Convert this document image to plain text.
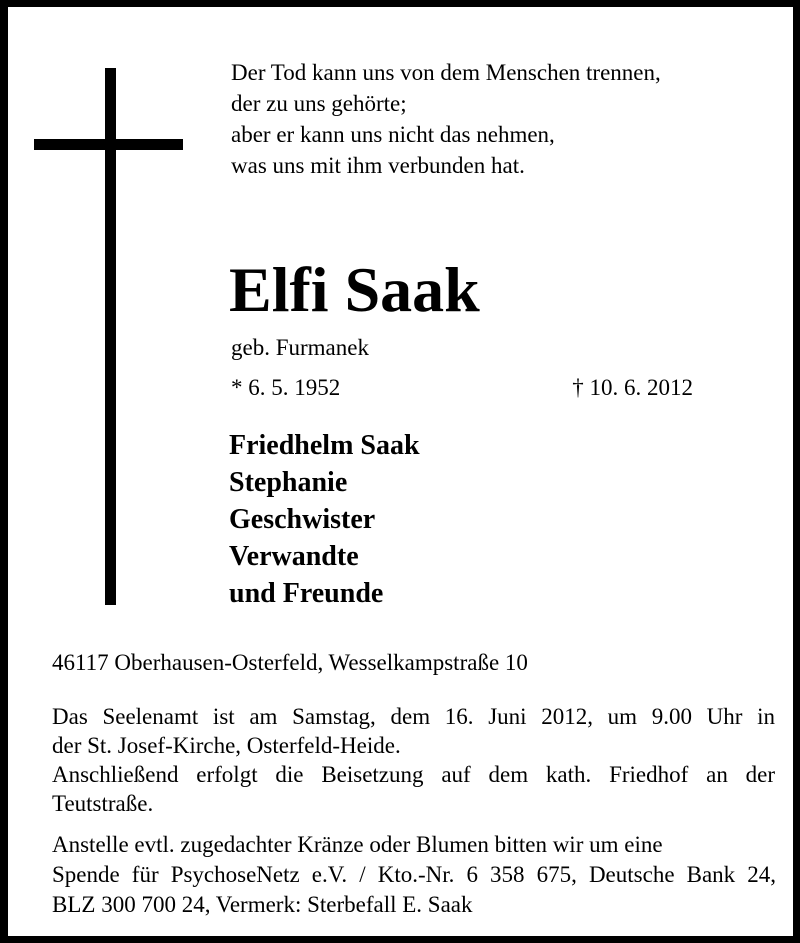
Der Tod kann uns von dem Menschen trennen,
der zu uns gehörte;
aber er kann uns nicht das nehmen,
was uns mit ihm verbunden hat.
Elfi Saak
geb. Furmanek
* 6. 5. 1952	† 10. 6. 2012
Friedhelm Saak
Stephanie
Geschwister
Verwandte
und Freunde
46117 Oberhausen-Osterfeld, Wesselkampstraße 10
Das Seelenamt ist am Samstag, dem 16. Juni 2012, um 9.00 Uhr in
der St. Josef-Kirche, Osterfeld-Heide.
Anschließend erfolgt die Beisetzung auf dem kath. Friedhof an der
Teutstraße.
Anstelle evtl. zugedachter Kränze oder Blumen bitten wir um eine
Spende für PsychoseNetz e.V. / Kto.-Nr. 6 358 675, Deutsche Bank 24,
BLZ 300 700 24, Vermerk: Sterbefall E. Saak
